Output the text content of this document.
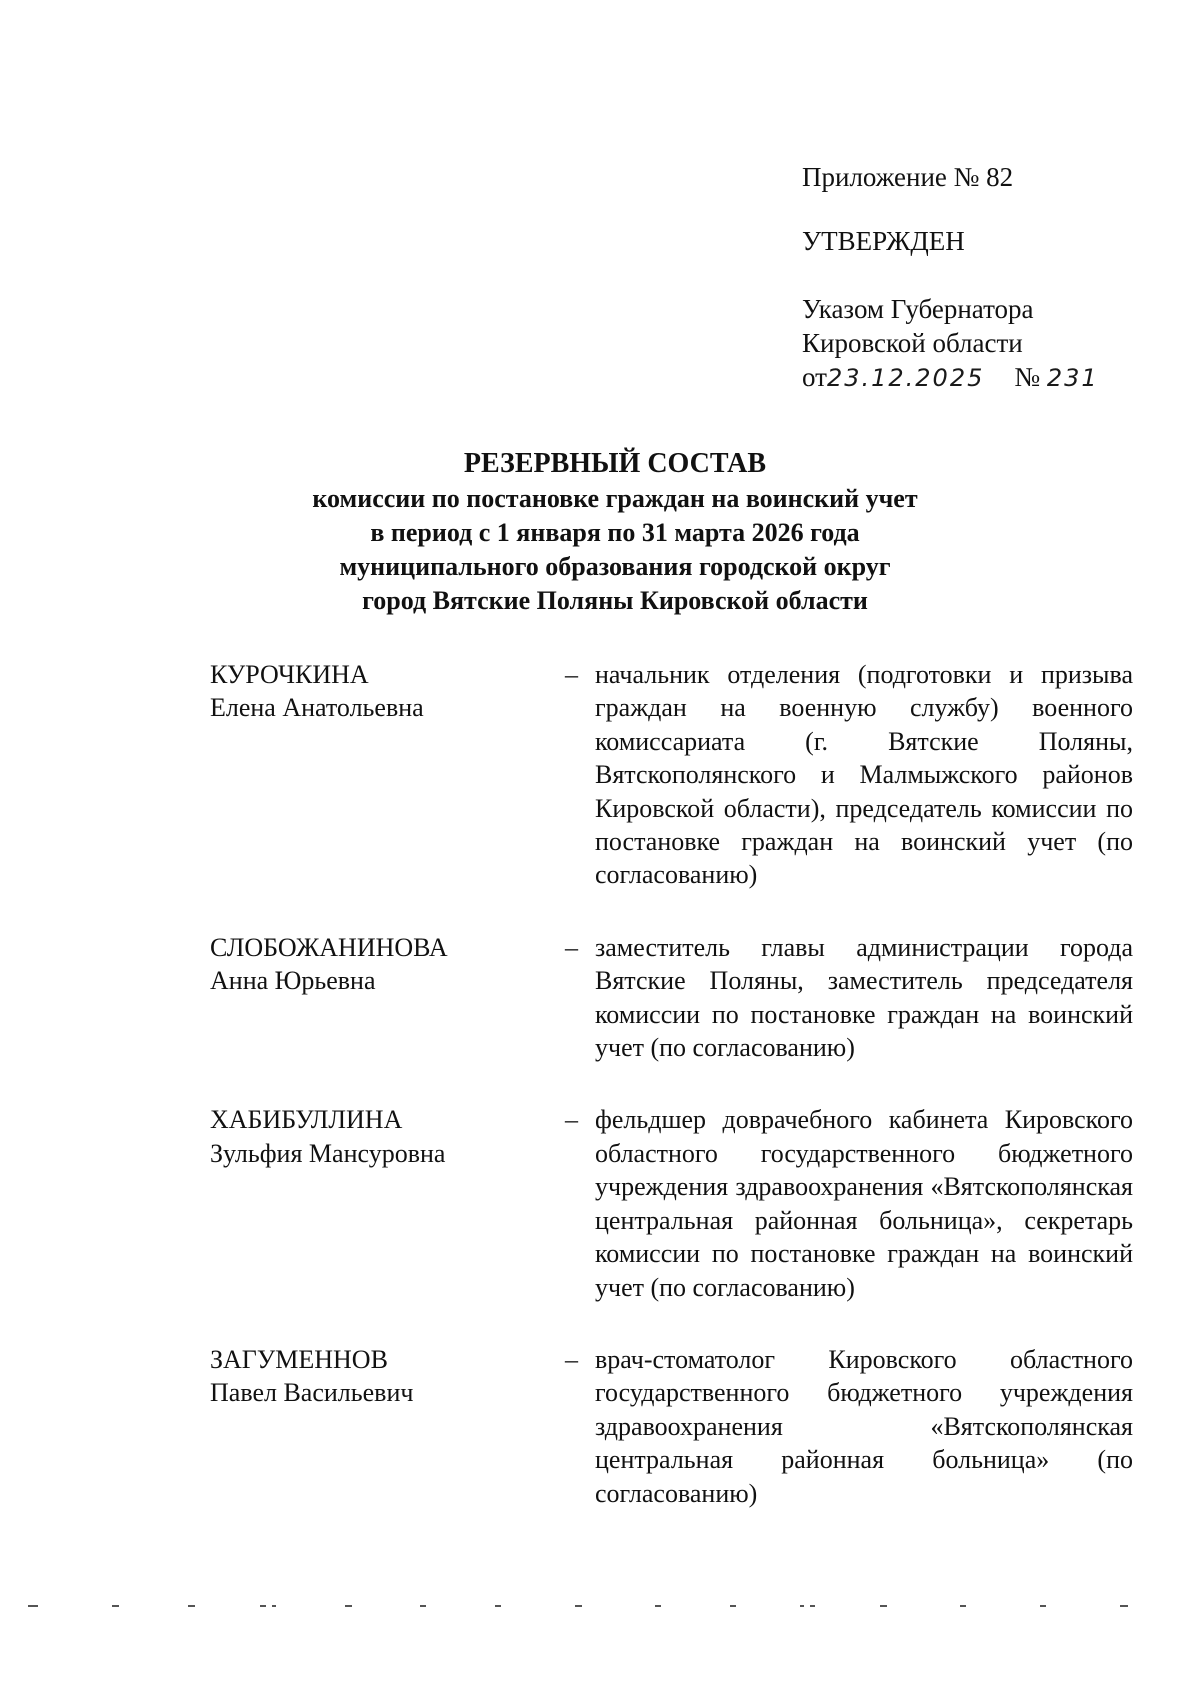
Приложение № 82
УТВЕРЖДЕН
Указом Губернатора
Кировской области
от23.12.2025 № 231
РЕЗЕРВНЫЙ СОСТАВ
комиссии по постановке граждан на воинский учет
в период с 1 января по 31 марта 2026 года
муниципального образования городской округ
город Вятские Поляны Кировской области
КУРОЧКИНА
Елена Анатольевна
– начальник отделения (подготовки и призыва граждан на военную службу) военного комиссариата (г. Вятские Поляны, Вятскополянского и Малмыжского районов Кировской области), председатель комиссии по постановке граждан на воинский учет (по согласованию)
СЛОБОЖАНИНОВА
Анна Юрьевна
– заместитель главы администрации города Вятские Поляны, заместитель председателя комиссии по постановке граждан на воинский учет (по согласованию)
ХАБИБУЛЛИНА
Зульфия Мансуровна
– фельдшер доврачебного кабинета Кировского областного государственного бюджетного учреждения здравоохранения «Вятскополянская центральная районная больница», секретарь комиссии по постановке граждан на воинский учет (по согласованию)
ЗАГУМЕННОВ
Павел Васильевич
– врач-стоматолог Кировского областного государственного бюджетного учреждения здравоохранения «Вятскополянская центральная районная больница» (по согласованию)
